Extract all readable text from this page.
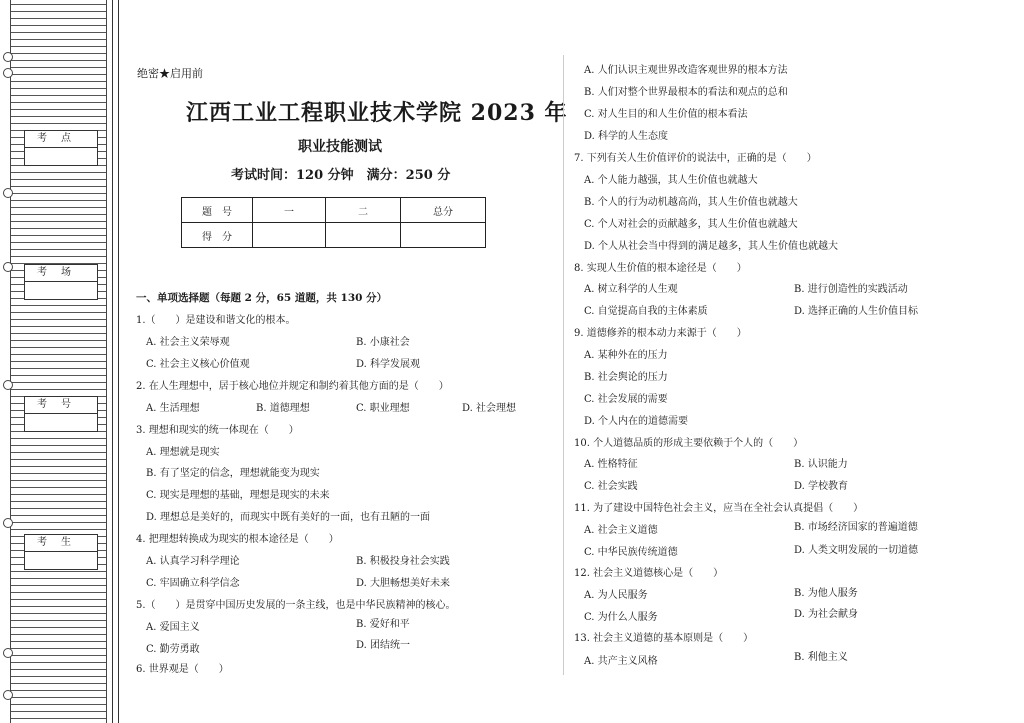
考点
考场
考号
考生
绝密★启用前
江西工业工程职业技术学院 2023 年
职业技能测试
考试时间：120 分钟　满分：250 分
题　号	一	二	总分
得　分			
一、单项选择题（每题 2 分，65 道题，共 130 分）
1.（　　）是建设和谐文化的根本。
A. 社会主义荣辱观	B. 小康社会
C. 社会主义核心价值观	D. 科学发展观
2. 在人生理想中，居于核心地位并规定和制约着其他方面的是（　　）
A. 生活理想	B. 道德理想	C. 职业理想	D. 社会理想
3. 理想和现实的统一体现在（　　）
A. 理想就是现实
B. 有了坚定的信念，理想就能变为现实
C. 现实是理想的基础，理想是现实的未来
D. 理想总是美好的，而现实中既有美好的一面，也有丑陋的一面
4. 把理想转换成为现实的根本途径是（　　）
A. 认真学习科学理论	B. 积极投身社会实践
C. 牢固确立科学信念	D. 大胆畅想美好未来
5.（　　）是贯穿中国历史发展的一条主线，也是中华民族精神的核心。
A. 爱国主义	B. 爱好和平
C. 勤劳勇敢	D. 团结统一
6. 世界观是（　　）
A. 人们认识主观世界改造客观世界的根本方法
B. 人们对整个世界最根本的看法和观点的总和
C. 对人生目的和人生价值的根本看法
D. 科学的人生态度
7. 下列有关人生价值评价的说法中，正确的是（　　）
A. 个人能力越强，其人生价值也就越大
B. 个人的行为动机越高尚，其人生价值也就越大
C. 个人对社会的贡献越多，其人生价值也就越大
D. 个人从社会当中得到的满足越多，其人生价值也就越大
8. 实现人生价值的根本途径是（　　）
A. 树立科学的人生观	B. 进行创造性的实践活动
C. 自觉提高自我的主体素质	D. 选择正确的人生价值目标
9. 道德修养的根本动力来源于（　　）
A. 某种外在的压力
B. 社会舆论的压力
C. 社会发展的需要
D. 个人内在的道德需要
10. 个人道德品质的形成主要依赖于个人的（　　）
A. 性格特征	B. 认识能力
C. 社会实践	D. 学校教育
11. 为了建设中国特色社会主义，应当在全社会认真提倡（　　）
A. 社会主义道德	B. 市场经济国家的普遍道德
C. 中华民族传统道德	D. 人类文明发展的一切道德
12. 社会主义道德核心是（　　）
A. 为人民服务	B. 为他人服务
C. 为什么人服务	D. 为社会献身
13. 社会主义道德的基本原则是（　　）
A. 共产主义风格	B. 利他主义
